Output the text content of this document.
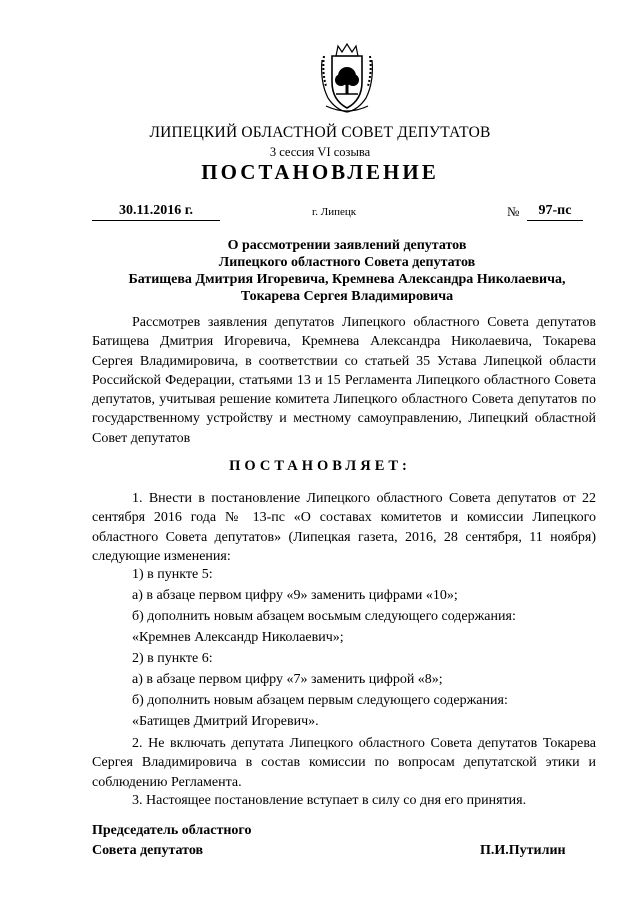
ЛИПЕЦКИЙ ОБЛАСТНОЙ СОВЕТ ДЕПУТАТОВ
3 сессия VI созыва
ПОСТАНОВЛЕНИЕ
30.11.2016 г.	г. Липецк	№	97-пс
О рассмотрении заявлений депутатов
Липецкого областного Совета депутатов
Батищева Дмитрия Игоревича, Кремнева Александра Николаевича,
Токарева Сергея Владимировича
Рассмотрев заявления депутатов Липецкого областного Совета депутатов Батищева Дмитрия Игоревича, Кремнева Александра Николаевича, Токарева Сергея Владимировича, в соответствии со статьей 35 Устава Липецкой области Российской Федерации, статьями 13 и 15 Регламента Липецкого областного Совета депутатов, учитывая решение комитета Липецкого областного Совета депутатов по государственному устройству и местному самоуправлению, Липецкий областной Совет депутатов
ПОСТАНОВЛЯЕТ:
1. Внести в постановление Липецкого областного Совета депутатов от 22 сентября 2016 года № 13-пс «О составах комитетов и комиссии Липецкого областного Совета депутатов» (Липецкая газета, 2016, 28 сентября, 11 ноября) следующие изменения:
1) в пункте 5:
а) в абзаце первом цифру «9» заменить цифрами «10»;
б) дополнить новым абзацем восьмым следующего содержания:
«Кремнев Александр Николаевич»;
2) в пункте 6:
а) в абзаце первом цифру «7» заменить цифрой «8»;
б) дополнить новым абзацем первым следующего содержания:
«Батищев Дмитрий Игоревич».
2. Не включать депутата Липецкого областного Совета депутатов Токарева Сергея Владимировича в состав комиссии по вопросам депутатской этики и соблюдению Регламента.
3. Настоящее постановление вступает в силу со дня его принятия.
Председатель областного
Совета депутатов	П.И.Путилин
